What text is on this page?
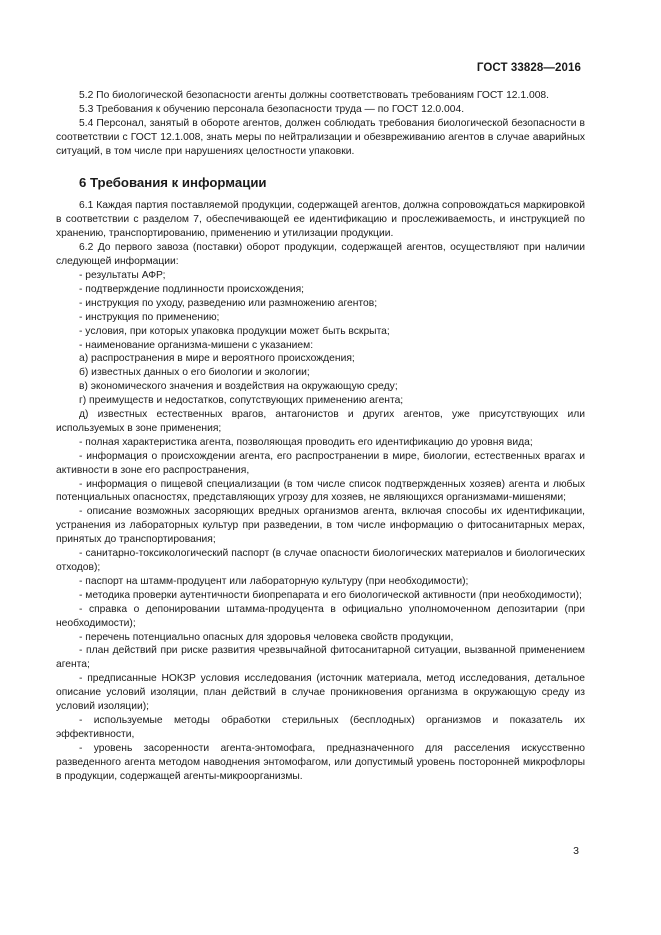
ГОСТ 33828—2016

5.2 По биологической безопасности агенты должны соответствовать требованиям ГОСТ 12.1.008.

5.3 Требования к обучению персонала безопасности труда — по ГОСТ 12.0.004.

5.4 Персонал, занятый в обороте агентов, должен соблюдать требования биологической безопасности в соответствии с ГОСТ 12.1.008, знать меры по нейтрализации и обезвреживанию агентов в случае аварийных ситуаций, в том числе при нарушениях целостности упаковки.

6 Требования к информации

6.1 Каждая партия поставляемой продукции, содержащей агентов, должна сопровождаться маркировкой в соответствии с разделом 7, обеспечивающей ее идентификацию и прослеживаемость, и инструкцией по хранению, транспортированию, применению и утилизации продукции.

6.2 До первого завоза (поставки) оборот продукции, содержащей агентов, осуществляют при наличии следующей информации:

- результаты АФР;

- подтверждение подлинности происхождения;

- инструкция по уходу, разведению или размножению агентов;

- инструкция по применению;

- условия, при которых упаковка продукции может быть вскрыта;

- наименование организма-мишени с указанием:

а) распространения в мире и вероятного происхождения;

б) известных данных о его биологии и экологии;

в) экономического значения и воздействия на окружающую среду;

г) преимуществ и недостатков, сопутствующих применению агента;

д) известных естественных врагов, антагонистов и других агентов, уже присутствующих или используемых в зоне применения;

- полная характеристика агента, позволяющая проводить его идентификацию до уровня вида;

- информация о происхождении агента, его распространении в мире, биологии, естественных врагах и активности в зоне его распространения,

- информация о пищевой специализации (в том числе список подтвержденных хозяев) агента и любых потенциальных опасностях, представляющих угрозу для хозяев, не являющихся организмами-мишенями;

- описание возможных засоряющих вредных организмов агента, включая способы их идентификации, устранения из лабораторных культур при разведении, в том числе информацию о фитосанитарных мерах, принятых до транспортирования;

- санитарно-токсикологический паспорт (в случае опасности биологических материалов и биологических отходов);

- паспорт на штамм-продуцент или лабораторную культуру (при необходимости);

- методика проверки аутентичности биопрепарата и его биологической активности (при необходимости);

- справка о депонировании штамма-продуцента в официально уполномоченном депозитарии (при необходимости);

- перечень потенциально опасных для здоровья человека свойств продукции,

- план действий при риске развития чрезвычайной фитосанитарной ситуации, вызванной применением агента;

- предписанные НОКЗР условия исследования (источник материала, метод исследования, детальное описание условий изоляции, план действий в случае проникновения организма в окружающую среду из условий изоляции);

- используемые методы обработки стерильных (бесплодных) организмов и показатель их эффективности,

- уровень засоренности агента-энтомофага, предназначенного для расселения искусственно разведенного агента методом наводнения энтомофагом, или допустимый уровень посторонней микрофлоры в продукции, содержащей агенты-микроорганизмы.

3
